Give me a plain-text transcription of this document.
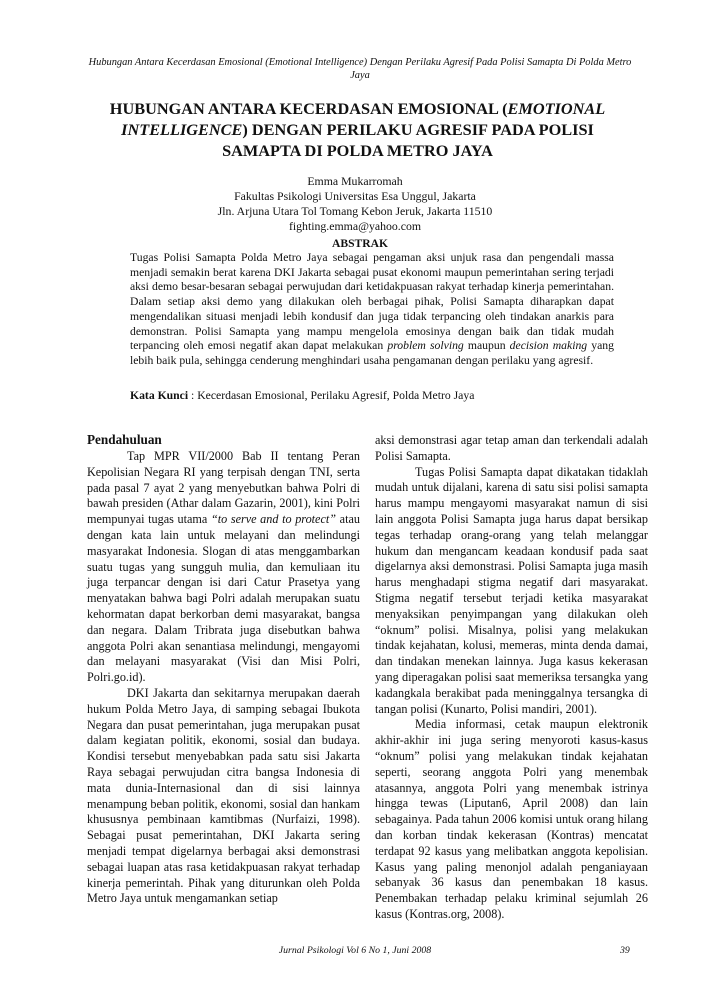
Hubungan Antara Kecerdasan Emosional (Emotional Intelligence) Dengan Perilaku Agresif Pada Polisi Samapta Di Polda Metro Jaya
HUBUNGAN ANTARA KECERDASAN EMOSIONAL (EMOTIONAL
INTELLIGENCE) DENGAN PERILAKU AGRESIF PADA POLISI
SAMAPTA DI POLDA METRO JAYA
Emma Mukarromah
Fakultas Psikologi Universitas Esa Unggul, Jakarta
Jln. Arjuna Utara Tol Tomang Kebon Jeruk, Jakarta 11510
fighting.emma@yahoo.com
ABSTRAK
Tugas Polisi Samapta Polda Metro Jaya sebagai pengaman aksi unjuk rasa dan pengendali massa menjadi semakin berat karena DKI Jakarta sebagai pusat ekonomi maupun pemerintahan sering terjadi aksi demo besar-besaran sebagai perwujudan dari ketidakpuasan rakyat terhadap kinerja pemerintahan. Dalam setiap aksi demo yang dilakukan oleh berbagai pihak, Polisi Samapta diharapkan dapat mengendalikan situasi menjadi lebih kondusif dan juga tidak terpancing oleh tindakan anarkis para demonstran. Polisi Samapta yang mampu mengelola emosinya dengan baik dan tidak mudah terpancing oleh emosi negatif akan dapat melakukan problem solving maupun decision making yang lebih baik pula, sehingga cenderung menghindari usaha pengamanan dengan perilaku yang agresif.
Kata Kunci : Kecerdasan Emosional, Perilaku Agresif, Polda Metro Jaya
Pendahuluan

Tap MPR VII/2000 Bab II tentang Peran Kepolisian Negara RI yang terpisah dengan TNI, serta pada pasal 7 ayat 2 yang menyebutkan bahwa Polri di bawah presiden (Athar dalam Gazarin, 2001), kini Polri mempunyai tugas utama “to serve and to protect” atau dengan kata lain untuk melayani dan melindungi masyarakat Indonesia. Slogan di atas menggambarkan suatu tugas yang sungguh mulia, dan kemuliaan itu juga terpancar dengan isi dari Catur Prasetya yang menyatakan bahwa bagi Polri adalah merupakan suatu kehormatan dapat berkorban demi masyarakat, bangsa dan negara. Dalam Tribrata juga disebutkan bahwa anggota Polri akan senantiasa melindungi, mengayomi dan melayani masyarakat (Visi dan Misi Polri, Polri.go.id).

DKI Jakarta dan sekitarnya merupakan daerah hukum Polda Metro Jaya, di samping sebagai Ibukota Negara dan pusat pemerintahan, juga merupakan pusat dalam kegiatan politik, ekonomi, sosial dan budaya. Kondisi tersebut menyebabkan pada satu sisi Jakarta Raya sebagai perwujudan citra bangsa Indonesia di mata dunia-Internasional dan di sisi lainnya menampung beban politik, ekonomi, sosial dan hankam khususnya pembinaan kamtibmas (Nurfaizi, 1998). Sebagai pusat pemerintahan, DKI Jakarta sering menjadi tempat digelarnya berbagai aksi demonstrasi sebagai luapan atas rasa ketidakpuasan rakyat terhadap kinerja pemerintah. Pihak yang diturunkan oleh Polda Metro Jaya untuk mengamankan setiap

aksi demonstrasi agar tetap aman dan terkendali adalah Polisi Samapta.

Tugas Polisi Samapta dapat dikatakan tidaklah mudah untuk dijalani, karena di satu sisi polisi samapta harus mampu mengayomi masyarakat namun di sisi lain anggota Polisi Samapta juga harus dapat bersikap tegas terhadap orang-orang yang telah melanggar hukum dan mengancam keadaan kondusif pada saat digelarnya aksi demonstrasi. Polisi Samapta juga masih harus menghadapi stigma negatif dari masyarakat. Stigma negatif tersebut terjadi ketika masyarakat menyaksikan penyimpangan yang dilakukan oleh “oknum” polisi. Misalnya, polisi yang melakukan tindak kejahatan, kolusi, memeras, minta denda damai, dan tindakan menekan lainnya. Juga kasus kekerasan yang diperagakan polisi saat memeriksa tersangka yang kadangkala berakibat pada meninggalnya tersangka di tangan polisi (Kunarto, Polisi mandiri, 2001).

Media informasi, cetak maupun elektronik akhir-akhir ini juga sering menyoroti kasus-kasus “oknum” polisi yang melakukan tindak kejahatan seperti, seorang anggota Polri yang menembak atasannya, anggota Polri yang menembak istrinya hingga tewas (Liputan6, April 2008) dan lain sebagainya. Pada tahun 2006 komisi untuk orang hilang dan korban tindak kekerasan (Kontras) mencatat terdapat 92 kasus yang melibatkan anggota kepolisian. Kasus yang paling menonjol adalah penganiayaan sebanyak 36 kasus dan penembakan 18 kasus. Penembakan terhadap pelaku kriminal sejumlah 26 kasus (Kontras.org, 2008).

Jurnal Psikologi Vol 6 No 1, Juni 2008	39
